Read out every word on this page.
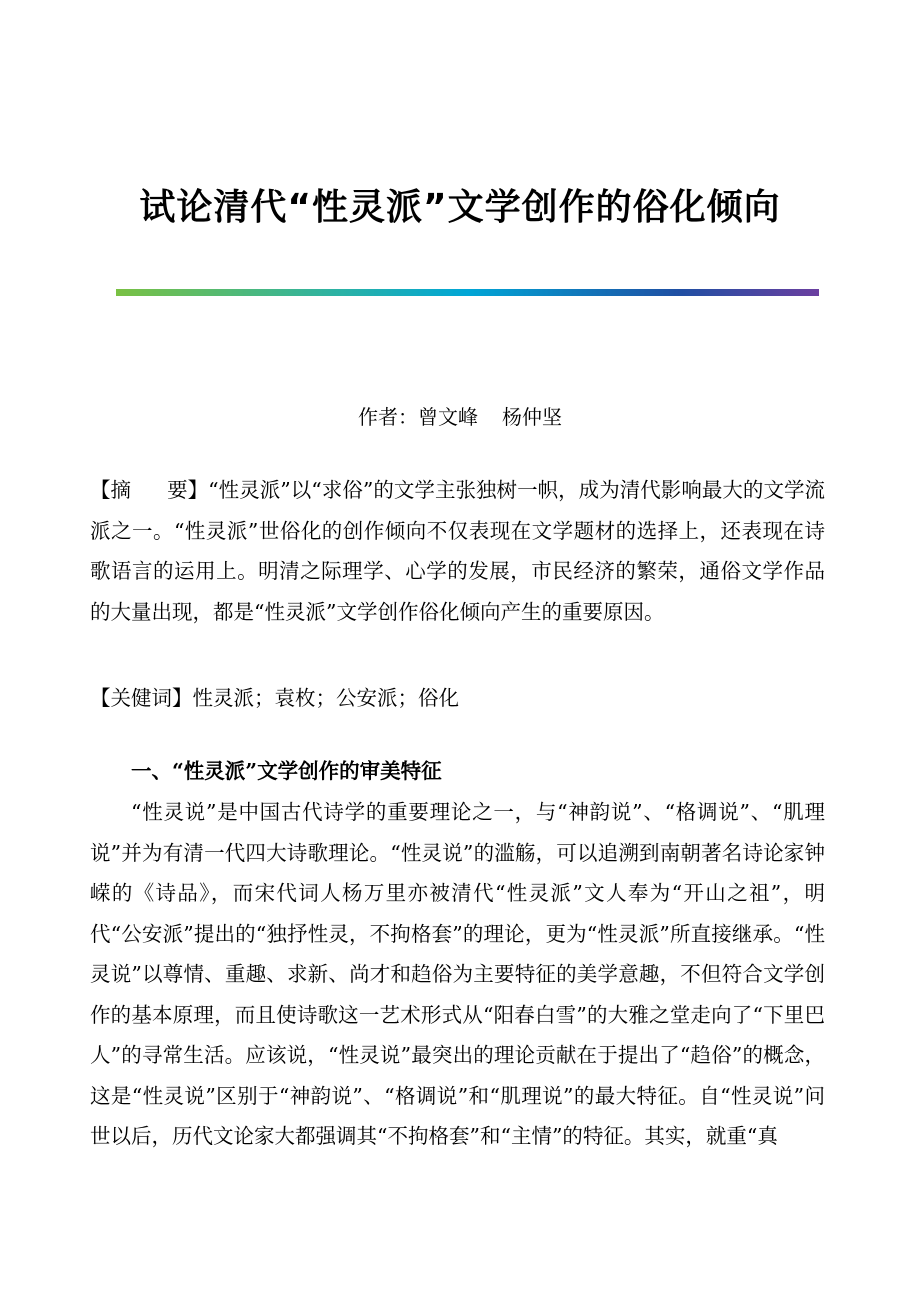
试论清代“性灵派”文学创作的俗化倾向
作者：曾文峰 杨仲坚

【摘 要】“性灵派”以“求俗”的文学主张独树一帜，成为清代影响最大的文学流派之一。“性灵派”世俗化的创作倾向不仅表现在文学题材的选择上，还表现在诗歌语言的运用上。明清之际理学、心学的发展，市民经济的繁荣，通俗文学作品的大量出现，都是“性灵派”文学创作俗化倾向产生的重要原因。

【关健词】性灵派；袁枚；公安派；俗化

一、“性灵派”文学创作的审美特征

“性灵说”是中国古代诗学的重要理论之一，与“神韵说”、“格调说”、“肌理说”并为有清一代四大诗歌理论。“性灵说”的滥觞，可以追溯到南朝著名诗论家钟嵘的《诗品》，而宋代词人杨万里亦被清代“性灵派”文人奉为“开山之祖”，明代“公安派”提出的“独抒性灵，不拘格套”的理论，更为“性灵派”所直接继承。“性灵说”以尊情、重趣、求新、尚才和趋俗为主要特征的美学意趣，不但符合文学创作的基本原理，而且使诗歌这一艺术形式从“阳春白雪”的大雅之堂走向了“下里巴人”的寻常生活。应该说，“性灵说”最突出的理论贡献在于提出了“趋俗”的概念，这是“性灵说”区别于“神韵说”、“格调说”和“肌理说”的最大特征。自“性灵说”问世以后，历代文论家大都强调其“不拘格套”和“主情”的特征。其实，就重“真
